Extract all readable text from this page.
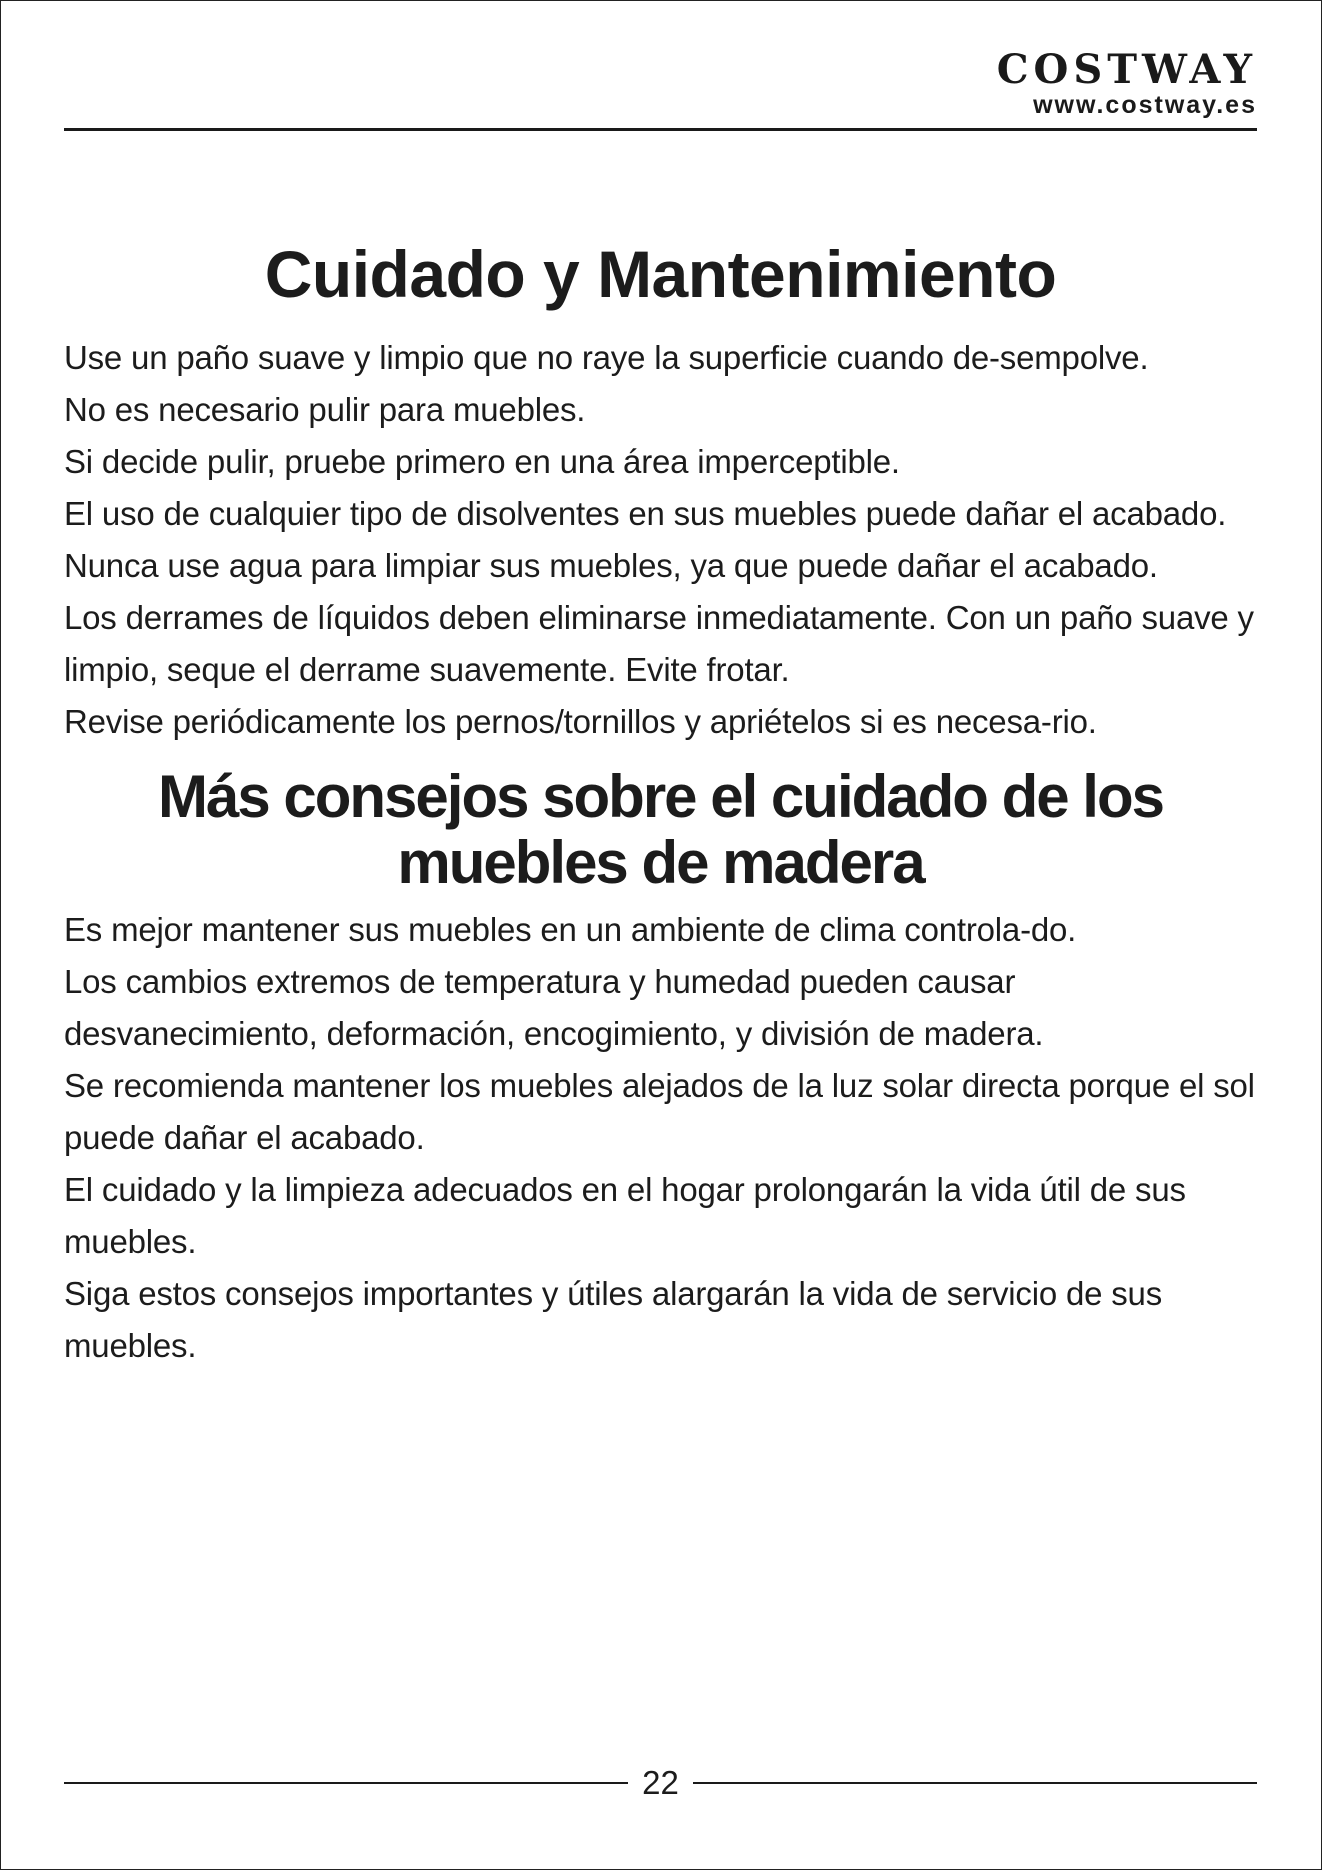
COSTWAY
www.costway.es
Cuidado y Mantenimiento

Use un paño suave y limpio que no raye la superficie cuando de-sempolve.

No es necesario pulir para muebles.

Si decide pulir, pruebe primero en una área imperceptible.

El uso de cualquier tipo de disolventes en sus muebles puede dañar el acabado.

Nunca use agua para limpiar sus muebles, ya que puede dañar el acabado.

Los derrames de líquidos deben eliminarse inmediatamente. Con un paño suave y limpio, seque el derrame suavemente. Evite frotar.

Revise periódicamente los pernos/tornillos y apriételos si es necesa-rio.

Más consejos sobre el cuidado de los muebles de madera

Es mejor mantener sus muebles en un ambiente de clima controla-do.

Los cambios extremos de temperatura y humedad pueden causar desvanecimiento, deformación, encogimiento, y división de madera.

Se recomienda mantener los muebles alejados de la luz solar directa porque el sol puede dañar el acabado.

El cuidado y la limpieza adecuados en el hogar prolongarán la vida útil de sus muebles.

Siga estos consejos importantes y útiles alargarán la vida de servicio de sus muebles.

22
